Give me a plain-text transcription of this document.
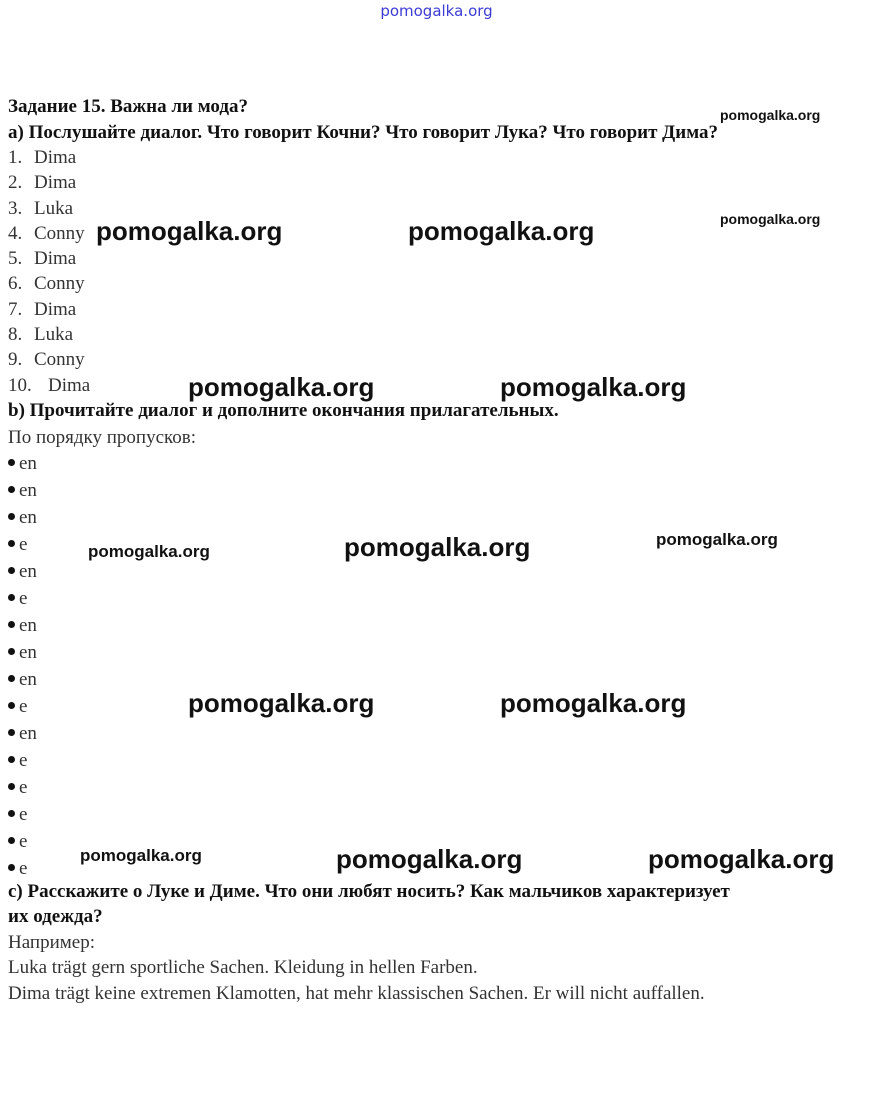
pomogalka.org
Задание 15. Важна ли мода?
а) Послушайте диалог. Что говорит Кочни? Что говорит Лука? Что говорит Дима?
1. Dima
2. Dima
3. Luka
4. Conny
5. Dima
6. Conny
7. Dima
8. Luka
9. Conny
10. Dima
b) Прочитайте диалог и дополните окончания прилагательных.
По порядку пропусков:
en
en
en
e
en
e
en
en
en
e
en
e
e
e
e
e
c) Расскажите о Луке и Диме. Что они любят носить? Как мальчиков характеризует
их одежда?
Например:
Luka trägt gern sportliche Sachen. Kleidung in hellen Farben.
Dima trägt keine extremen Klamotten, hat mehr klassischen Sachen. Er will nicht auffallen.
pomogalka.org
pomogalka.org
pomogalka.org	pomogalka.org
pomogalka.org	pomogalka.org
pomogalka.org	pomogalka.org	pomogalka.org
pomogalka.org	pomogalka.org
pomogalka.org	pomogalka.org	pomogalka.org
